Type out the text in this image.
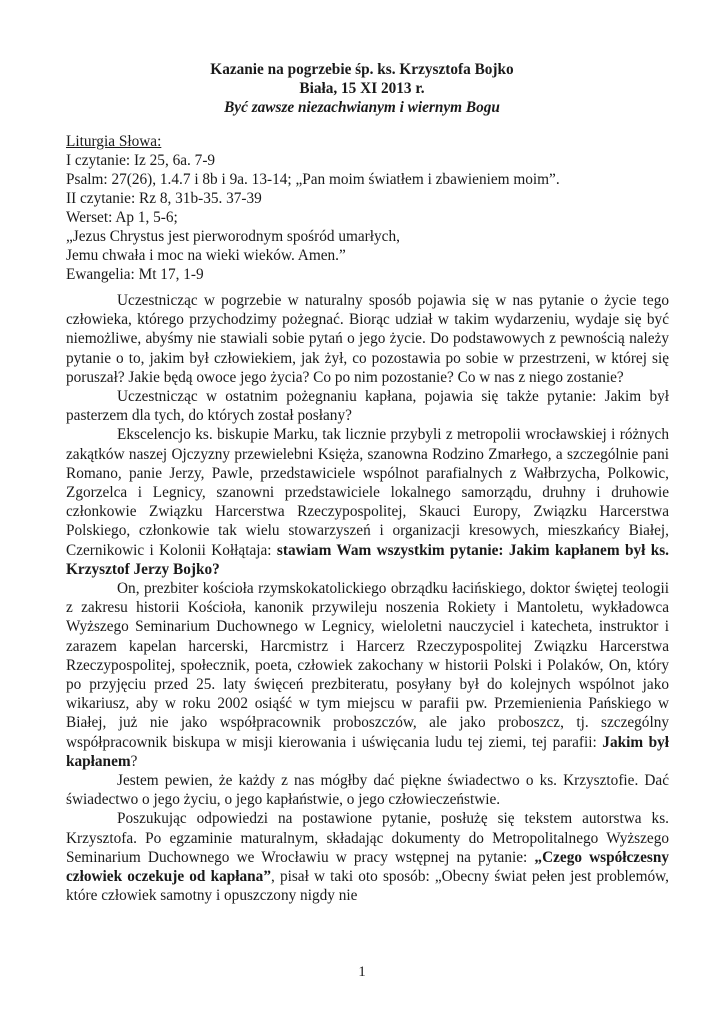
Kazanie na pogrzebie śp. ks. Krzysztofa Bojko
Biała, 15 XI 2013 r.
Być zawsze niezachwianym i wiernym Bogu
Liturgia Słowa:
I czytanie: Iz 25, 6a. 7-9
Psalm: 27(26), 1.4.7 i 8b i 9a. 13-14; „Pan moim światłem i zbawieniem moim”.
II czytanie: Rz 8, 31b-35. 37-39
Werset: Ap 1, 5-6;
„Jezus Chrystus jest pierworodnym spośród umarłych,
Jemu chwała i moc na wieki wieków. Amen.”
Ewangelia: Mt 17, 1-9

Uczestnicząc w pogrzebie w naturalny sposób pojawia się w nas pytanie o życie tego człowieka, którego przychodzimy pożegnać. Biorąc udział w takim wydarzeniu, wydaje się być niemożliwe, abyśmy nie stawiali sobie pytań o jego życie. Do podstawowych z pewnością należy pytanie o to, jakim był człowiekiem, jak żył, co pozostawia po sobie w przestrzeni, w której się poruszał? Jakie będą owoce jego życia? Co po nim pozostanie? Co w nas z niego zostanie?

Uczestnicząc w ostatnim pożegnaniu kapłana, pojawia się także pytanie: Jakim był pasterzem dla tych, do których został posłany?

Ekscelencjo ks. biskupie Marku, tak licznie przybyli z metropolii wrocławskiej i różnych zakątków naszej Ojczyzny przewielebni Księża, szanowna Rodzino Zmarłego, a szczególnie pani Romano, panie Jerzy, Pawle, przedstawiciele wspólnot parafialnych z Wałbrzycha, Polkowic, Zgorzelca i Legnicy, szanowni przedstawiciele lokalnego samorządu, druhny i druhowie członkowie Związku Harcerstwa Rzeczypospolitej, Skauci Europy, Związku Harcerstwa Polskiego, członkowie tak wielu stowarzyszeń i organizacji kresowych, mieszkańcy Białej, Czernikowic i Kolonii Kołłątaja: stawiam Wam wszystkim pytanie: Jakim kapłanem był ks. Krzysztof Jerzy Bojko?

On, prezbiter kościoła rzymskokatolickiego obrządku łacińskiego, doktor świętej teologii z zakresu historii Kościoła, kanonik przywileju noszenia Rokiety i Mantoletu, wykładowca Wyższego Seminarium Duchownego w Legnicy, wieloletni nauczyciel i katecheta, instruktor i zarazem kapelan harcerski, Harcmistrz i Harcerz Rzeczypospolitej Związku Harcerstwa Rzeczypospolitej, społecznik, poeta, człowiek zakochany w historii Polski i Polaków, On, który po przyjęciu przed 25. laty święceń prezbiteratu, posyłany był do kolejnych wspólnot jako wikariusz, aby w roku 2002 osiąść w tym miejscu w parafii pw. Przemienienia Pańskiego w Białej, już nie jako współpracownik proboszczów, ale jako proboszcz, tj. szczególny współpracownik biskupa w misji kierowania i uświęcania ludu tej ziemi, tej parafii: Jakim był kapłanem?

Jestem pewien, że każdy z nas mógłby dać piękne świadectwo o ks. Krzysztofie. Dać świadectwo o jego życiu, o jego kapłaństwie, o jego człowieczeństwie.

Poszukując odpowiedzi na postawione pytanie, posłużę się tekstem autorstwa ks. Krzysztofa. Po egzaminie maturalnym, składając dokumenty do Metropolitalnego Wyższego Seminarium Duchownego we Wrocławiu w pracy wstępnej na pytanie: „Czego współczesny człowiek oczekuje od kapłana”, pisał w taki oto sposób: „Obecny świat pełen jest problemów, które człowiek samotny i opuszczony nigdy nie

1
